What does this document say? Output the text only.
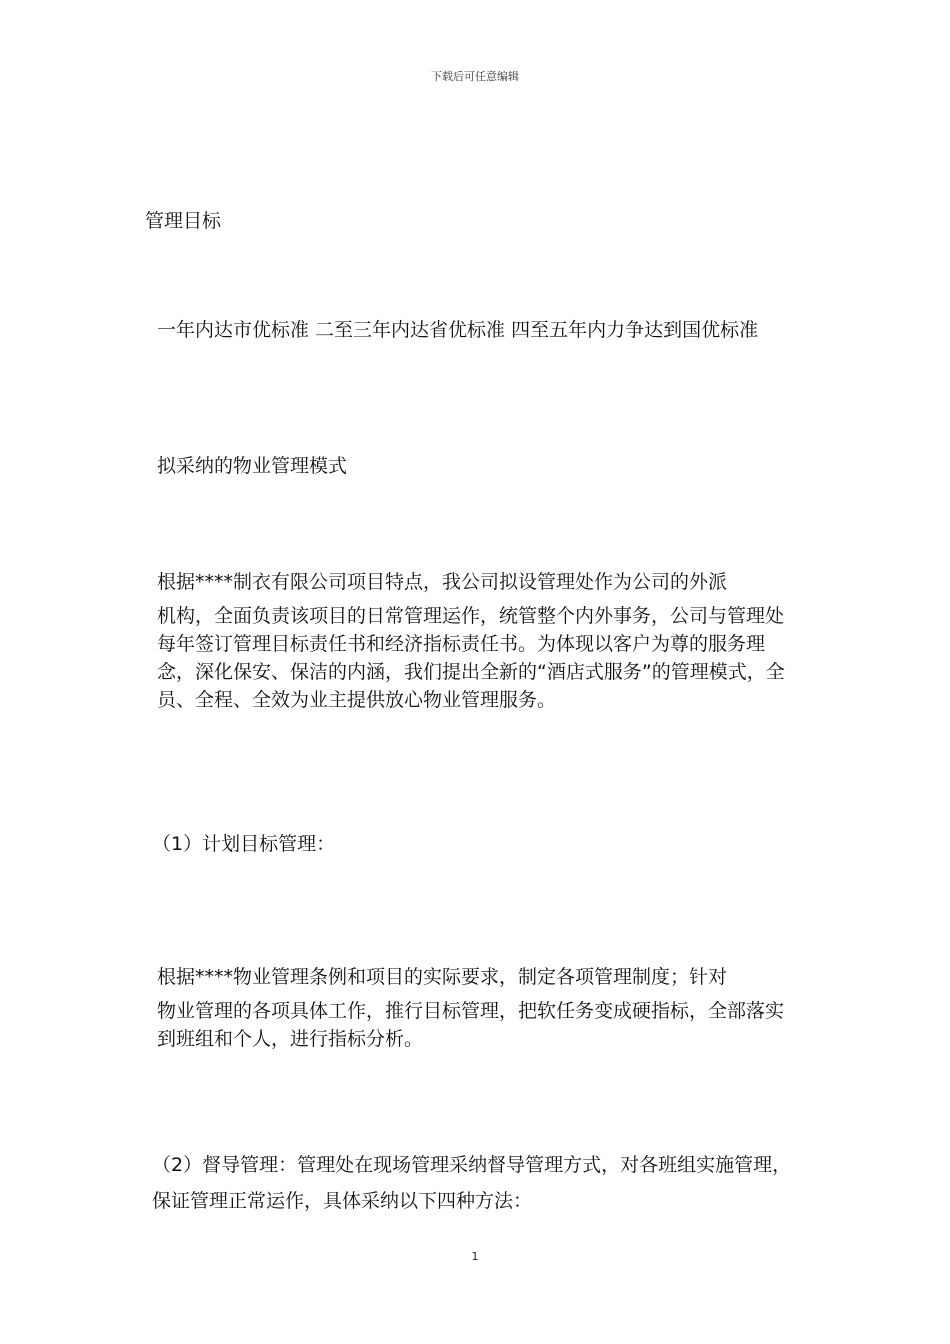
下载后可任意编辑
管理目标
一年内达市优标准 二至三年内达省优标准 四至五年内力争达到国优标准
拟采纳的物业管理模式
根据****制衣有限公司项目特点，我公司拟设管理处作为公司的外派
机构，全面负责该项目的日常管理运作，统管整个内外事务，公司与管理处每年签订管理目标责任书和经济指标责任书。为体现以客户为尊的服务理念，深化保安、保洁的内涵，我们提出全新的“酒店式服务”的管理模式，全员、全程、全效为业主提供放心物业管理服务。
（1）计划目标管理：
根据****物业管理条例和项目的实际要求，制定各项管理制度；针对
物业管理的各项具体工作，推行目标管理，把软任务变成硬指标，全部落实到班组和个人，进行指标分析。
（2）督导管理：管理处在现场管理采纳督导管理方式，对各班组实施管理，保证管理正常运作，具体采纳以下四种方法：
1
